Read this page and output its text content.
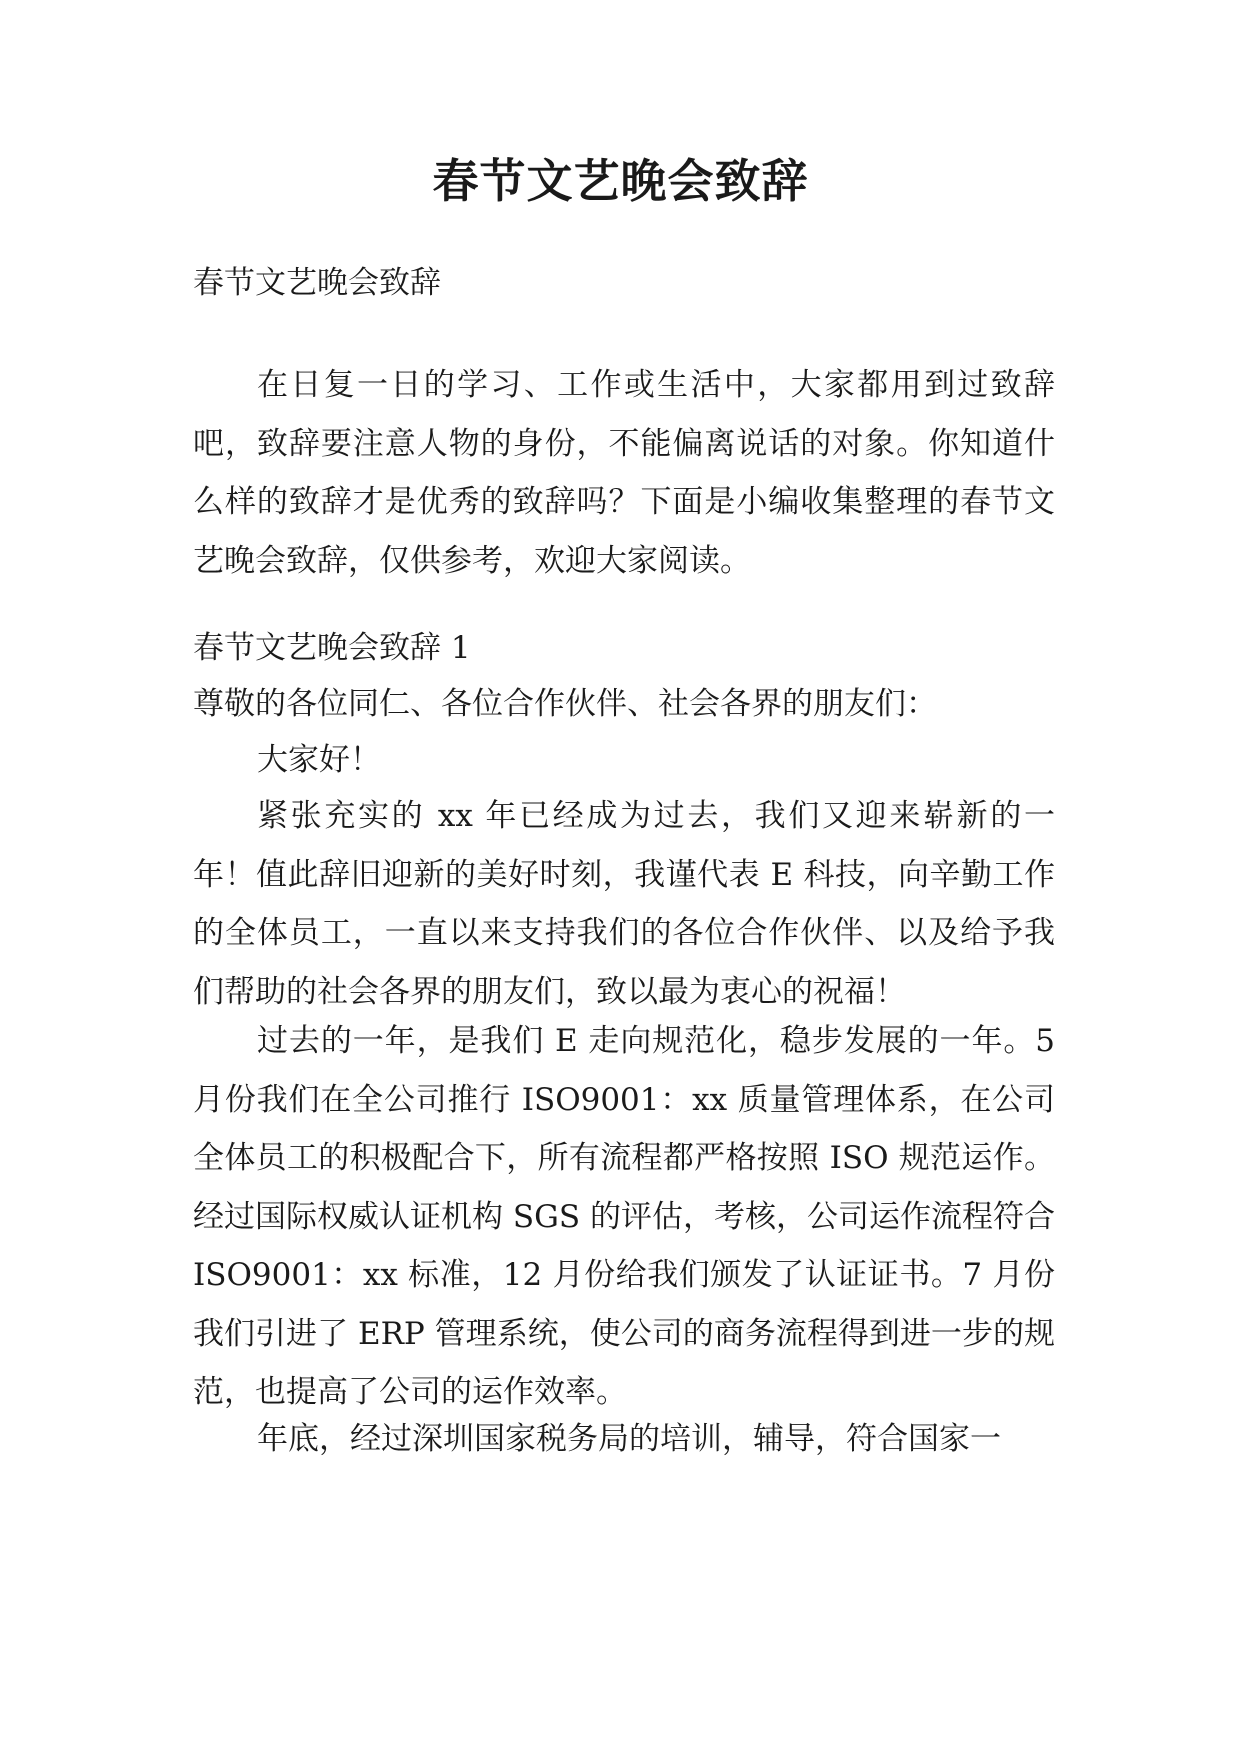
春节文艺晚会致辞
春节文艺晚会致辞
在日复一日的学习、工作或生活中，大家都用到过致辞吧，致辞要注意人物的身份，不能偏离说话的对象。你知道什么样的致辞才是优秀的致辞吗？下面是小编收集整理的春节文艺晚会致辞，仅供参考，欢迎大家阅读。
春节文艺晚会致辞 1
尊敬的各位同仁、各位合作伙伴、社会各界的朋友们：
大家好！
紧张充实的 xx 年已经成为过去，我们又迎来崭新的一年！值此辞旧迎新的美好时刻，我谨代表 E 科技，向辛勤工作的全体员工，一直以来支持我们的各位合作伙伴、以及给予我们帮助的社会各界的朋友们，致以最为衷心的祝福！
过去的一年，是我们 E 走向规范化，稳步发展的一年。5 月份我们在全公司推行 ISO9001：xx 质量管理体系，在公司全体员工的积极配合下，所有流程都严格按照 ISO 规范运作。经过国际权威认证机构 SGS 的评估，考核，公司运作流程符合 ISO9001：xx 标准，12 月份给我们颁发了认证证书。7 月份我们引进了 ERP 管理系统，使公司的商务流程得到进一步的规范，也提高了公司的运作效率。
年底，经过深圳国家税务局的培训，辅导，符合国家一
